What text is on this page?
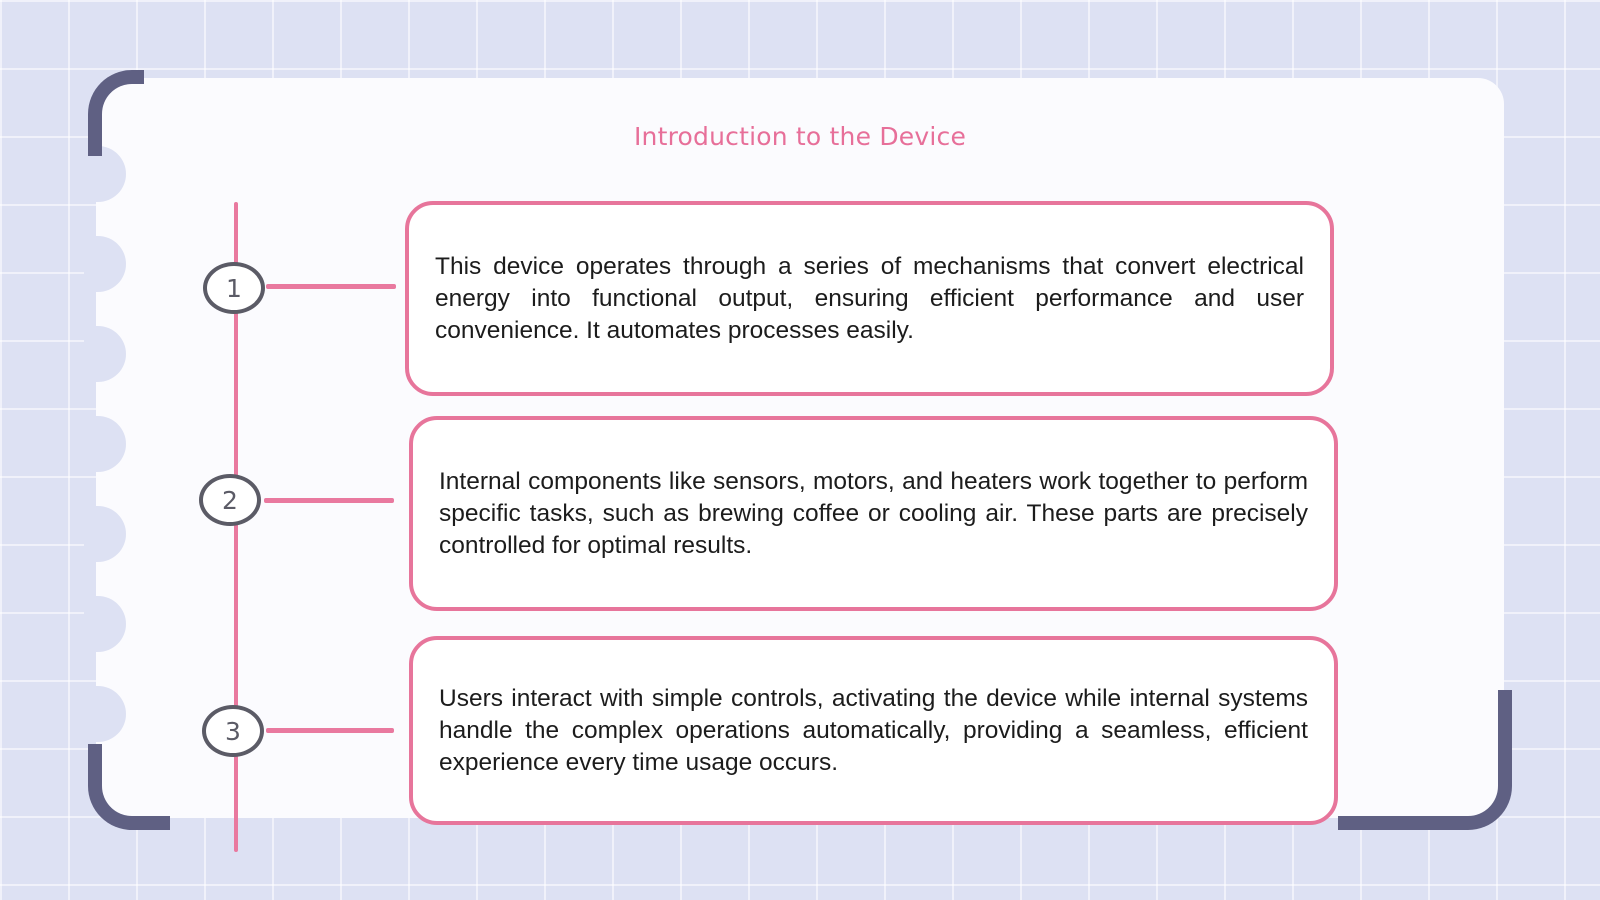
Introduction to the Device
1
This device operates through a series of mechanisms that convert electrical energy into functional output, ensuring efficient performance and user convenience. It automates processes easily.
2
Internal components like sensors, motors, and heaters work together to perform specific tasks, such as brewing coffee or cooling air. These parts are precisely controlled for optimal results.
3
Users interact with simple controls, activating the device while internal systems handle the complex operations automatically, providing a seamless, efficient experience every time usage occurs.
